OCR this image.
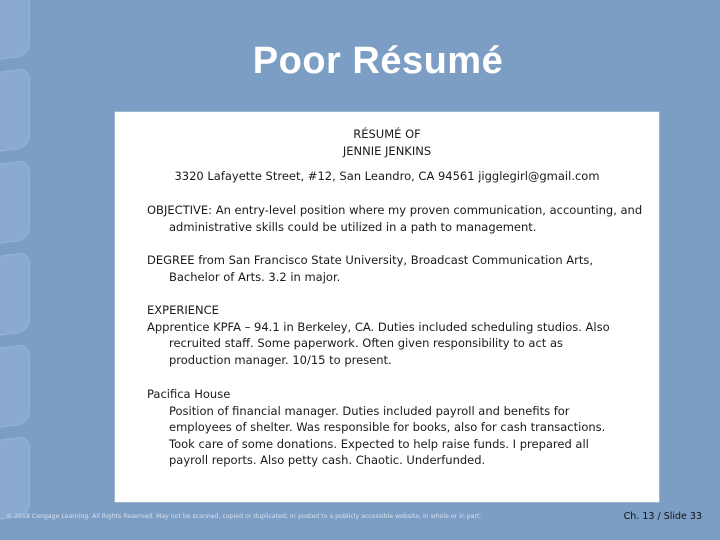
Poor Résumé

RÉSUMÉ OF

JENNIE JENKINS

3320 Lafayette Street, #12, San Leandro, CA 94561 jigglegirl@gmail.com

OBJECTIVE: An entry-level position where my proven communication, accounting, and administrative skills could be utilized in a path to management.

DEGREE from San Francisco State University, Broadcast Communication Arts, Bachelor of Arts. 3.2 in major.

EXPERIENCE
Apprentice KPFA – 94.1 in Berkeley, CA. Duties included scheduling studios. Also recruited staff. Some paperwork. Often given responsibility to act as production manager. 10/15 to present.
Pacifica House
Position of financial manager. Duties included payroll and benefits for employees of shelter. Was responsible for books, also for cash transactions. Took care of some donations. Expected to help raise funds. I prepared all payroll reports. Also petty cash. Chaotic. Underfunded.
© 2018 Cengage Learning. All Rights Reserved. May not be scanned, copied or duplicated, or posted to a publicly accessible website, in whole or in part.	Ch. 13 / Slide 33
